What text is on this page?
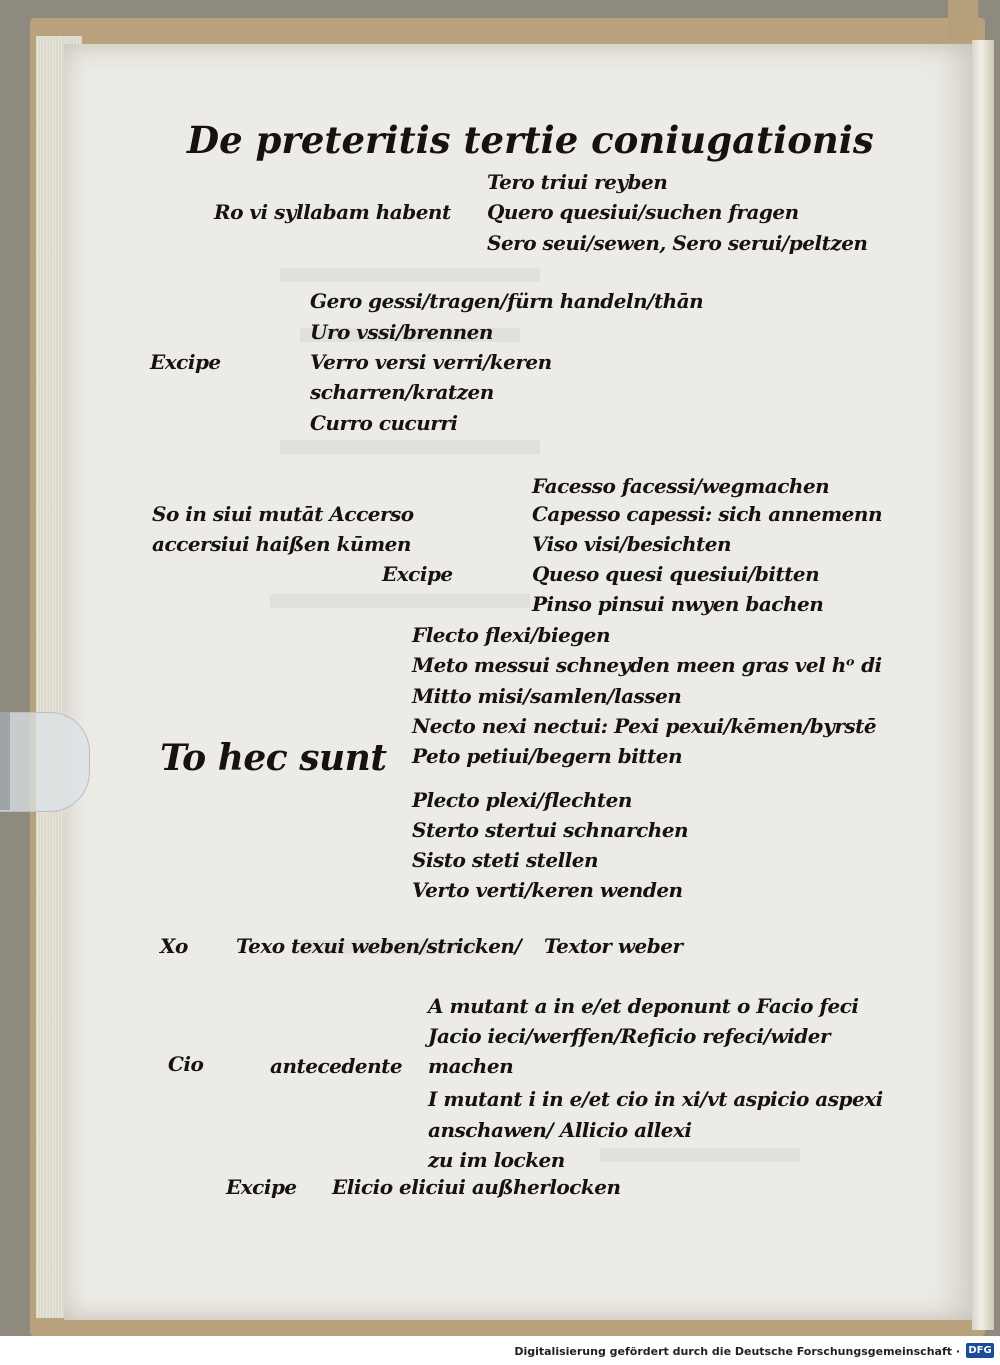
De preteritis tertie coniugationis
Tero triui reyben
Ro vi syllabam habent Quero quesiui/suchen fragen
Sero seui/sewen, Sero serui/peltzen
Gero gessi/tragen/fürn handeln/thān
Uro vssi/brennen
Excipe	Verro versi verri/keren
scharren/kratzen
Curro cucurri
Facesso facessi/wegmachen
So in siui mutāt Accerso	Capesso capessi: sich annemenn
accersiui haißen kūmen	Viso visi/besichten
Excipe	Queso quesi quesiui/bitten
Pinso pinsui nwyen bachen
Flecto flexi/biegen
Meto messui schneyden meen gras vel hᵒ di
Mitto misi/samlen/lassen
Necto nexi nectui: Pexi pexui/kēmen/byrstē
To hec sunt Peto petiui/begern bitten
Plecto plexi/flechten
Sterto stertui schnarchen
Sisto steti stellen
Verto verti/keren wenden
Xo Texo texui weben/stricken/ Textor weber
A mutant a in e/et deponunt o Facio feci
Jacio ieci/werffen/Reficio refeci/wider
Cio	antecedente machen
I mutant i in e/et cio in xi/vt aspicio aspexi
anschawen/ Allicio allexi
zu im locken
Excipe Elicio eliciui außherlocken
Digitalisierung gefördert durch die Deutsche Forschungsgemeinschaft · DFG
